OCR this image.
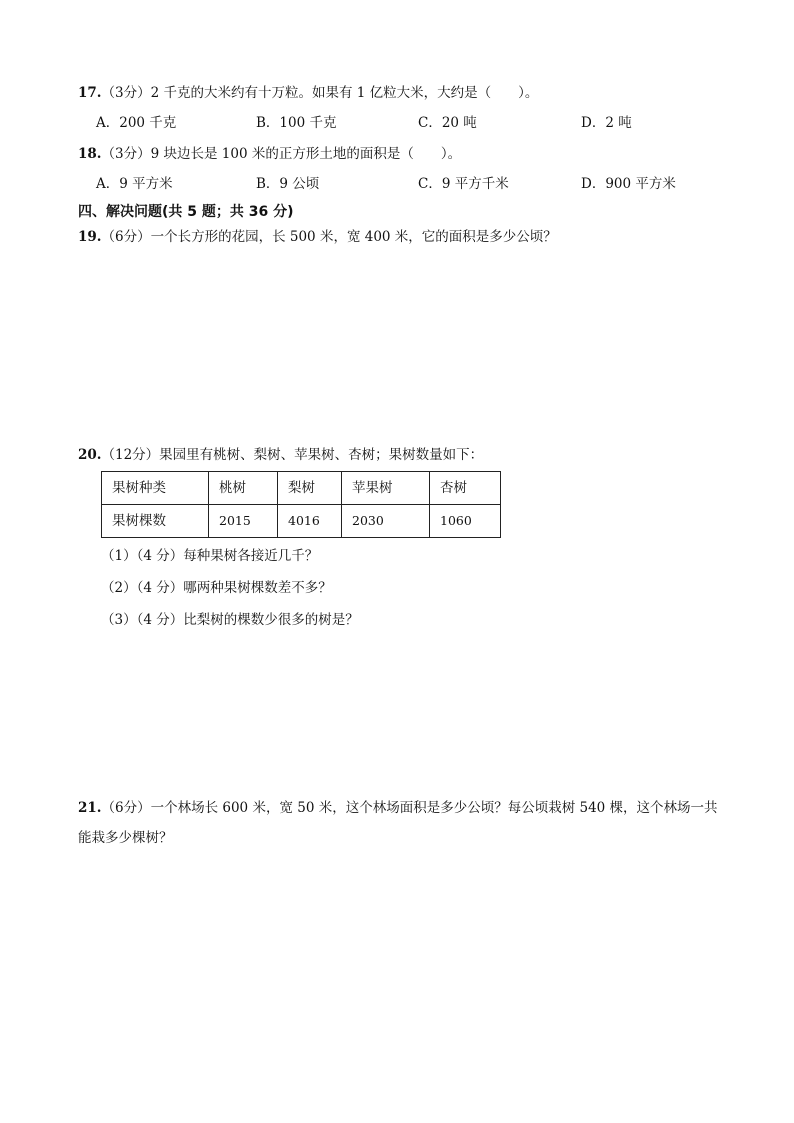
17.（3分）2 千克的大米约有十万粒。如果有 1 亿粒大米，大约是（　　）。
A．200 千克	B．100 千克	C．20 吨	D．2 吨
18.（3分）9 块边长是 100 米的正方形土地的面积是（　　）。
A．9 平方米	B．9 公顷	C．9 平方千米	D．900 平方米
四、解决问题(共 5 题；共 36 分)
19.（6分）一个长方形的花园，长 500 米，宽 400 米，它的面积是多少公顷？
20.（12分）果园里有桃树、梨树、苹果树、杏树；果树数量如下：
果树种类	桃树	梨树	苹果树	杏树
果树棵数	2015	4016	2030	1060
（1）（4 分）每种果树各接近几千？
（2）（4 分）哪两种果树棵数差不多？
（3）（4 分）比梨树的棵数少很多的树是？
21.（6分）一个林场长 600 米，宽 50 米，这个林场面积是多少公顷？每公顷栽树 540 棵，这个林场一共
能栽多少棵树？
